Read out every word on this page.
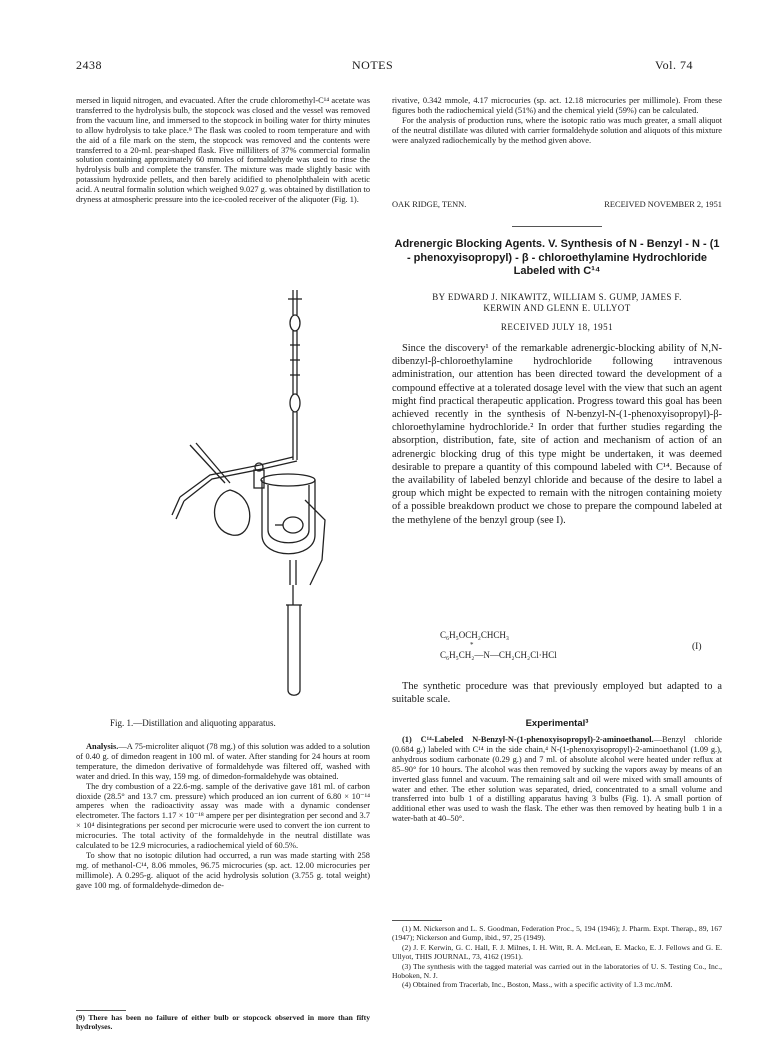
2438	NOTES	Vol. 74

mersed in liquid nitrogen, and evacuated. After the crude chloromethyl-C¹⁴ acetate was transferred to the hydrolysis bulb, the stopcock was closed and the vessel was removed from the vacuum line, and immersed to the stopcock in boiling water for thirty minutes to allow hydrolysis to take place.⁹ The flask was cooled to room temperature and with the aid of a file mark on the stem, the stopcock was removed and the contents were transferred to a 20-ml. pear-shaped flask. Five milliliters of 37% commercial formalin solution containing approximately 60 mmoles of formaldehyde was used to rinse the hydrolysis bulb and complete the transfer. The mixture was made slightly basic with potassium hydroxide pellets, and then barely acidified to phenolphthalein with acetic acid. A neutral formalin solution which weighed 9.027 g. was obtained by distillation to dryness at atmospheric pressure into the ice-cooled receiver of the aliquoter (Fig. 1).

Fig. 1.—Distillation and aliquoting apparatus.

Analysis.—A 75-microliter aliquot (78 mg.) of this solution was added to a solution of 0.40 g. of dimedon reagent in 100 ml. of water. After standing for 24 hours at room temperature, the dimedon derivative of formaldehyde was filtered off, washed with water and dried. In this way, 159 mg. of dimedon-formaldehyde was obtained.

The dry combustion of a 22.6-mg. sample of the derivative gave 181 ml. of carbon dioxide (28.5° and 13.7 cm. pressure) which produced an ion current of 6.80 × 10⁻¹⁴ amperes when the radioactivity assay was made with a dynamic condenser electrometer. The factors 1.17 × 10⁻¹⁸ ampere per per disintegration per second and 3.7 × 10⁴ disintegrations per second per microcurie were used to convert the ion current to microcuries. The total activity of the formaldehyde in the neutral distillate was calculated to be 12.9 microcuries, a radiochemical yield of 60.5%.

To show that no isotopic dilution had occurred, a run was made starting with 258 mg. of methanol-C¹⁴, 8.06 mmoles, 96.75 microcuries (sp. act. 12.00 microcuries per millimole). A 0.295-g. aliquot of the acid hydrolysis solution (3.755 g. total weight) gave 100 mg. of formaldehyde-dimedon de-

(9) There has been no failure of either bulb or stopcock observed in more than fifty hydrolyses.

rivative, 0.342 mmole, 4.17 microcuries (sp. act. 12.18 microcuries per millimole). From these figures both the radiochemical yield (51%) and the chemical yield (59%) can be calculated.

For the analysis of production runs, where the isotopic ratio was much greater, a small aliquot of the neutral distillate was diluted with carrier formaldehyde solution and aliquots of this mixture were analyzed radiochemically by the method given above.

OAK RIDGE, TENN.	RECEIVED NOVEMBER 2, 1951
Adrenergic Blocking Agents. V. Synthesis of N - Benzyl - N - (1 - phenoxyisopropyl) - β - chloroethylamine Hydrochloride Labeled with C¹⁴
BY EDWARD J. NIKAWITZ, WILLIAM S. GUMP, JAMES F.
KERWIN AND GLENN E. ULLYOT
RECEIVED JULY 18, 1951

Since the discovery¹ of the remarkable adrenergic-blocking ability of N,N-dibenzyl-β-chloroethylamine hydrochloride following intravenous administration, our attention has been directed toward the development of a compound effective at a tolerated dosage level with the view that such an agent might find practical therapeutic application. Progress toward this goal has been achieved recently in the synthesis of N-benzyl-N-(1-phenoxyisopropyl)-β-chloroethylamine hydrochloride.² In order that further studies regarding the absorption, distribution, fate, site of action and mechanism of action of an adrenergic blocking drug of this type might be undertaken, it was deemed desirable to prepare a quantity of this compound labeled with C¹⁴. Because of the availability of labeled benzyl chloride and because of the desire to label a group which might be expected to remain with the nitrogen containing moiety of a possible breakdown product we chose to prepare the compound labeled at the methylene of the benzyl group (see I).

C₆H₅OCH₂CHCH₃
*
C₆H₅CH₂—N—CH₂CH₂Cl·HCl
(I)

The synthetic procedure was that previously employed but adapted to a suitable scale.

Experimental³

(1) C¹⁴-Labeled N-Benzyl-N-(1-phenoxyisopropyl)-2-aminoethanol.—Benzyl chloride (0.684 g.) labeled with C¹⁴ in the side chain,⁴ N-(1-phenoxyisopropyl)-2-aminoethanol (1.09 g.), anhydrous sodium carbonate (0.29 g.) and 7 ml. of absolute alcohol were heated under reflux at 85–90° for 10 hours. The alcohol was then removed by sucking the vapors away by means of an inverted glass funnel and vacuum. The remaining salt and oil were mixed with small amounts of water and ether. The ether solution was separated, dried, concentrated to a small volume and transferred into bulb 1 of a distilling apparatus having 3 bulbs (Fig. 1). A small portion of additional ether was used to wash the flask. The ether was then removed by heating bulb 1 in a water-bath at 40–50°.

(1) M. Nickerson and L. S. Goodman, Federation Proc., 5, 194 (1946); J. Pharm. Expt. Therap., 89, 167 (1947); Nickerson and Gump, ibid., 97, 25 (1949).

(2) J. F. Kerwin, G. C. Hall, F. J. Milnes, I. H. Witt, R. A. McLean, E. Macko, E. J. Fellows and G. E. Ullyot, THIS JOURNAL, 73, 4162 (1951).

(3) The synthesis with the tagged material was carried out in the laboratories of U. S. Testing Co., Inc., Hoboken, N. J.

(4) Obtained from Tracerlab, Inc., Boston, Mass., with a specific activity of 1.3 mc./mM.
